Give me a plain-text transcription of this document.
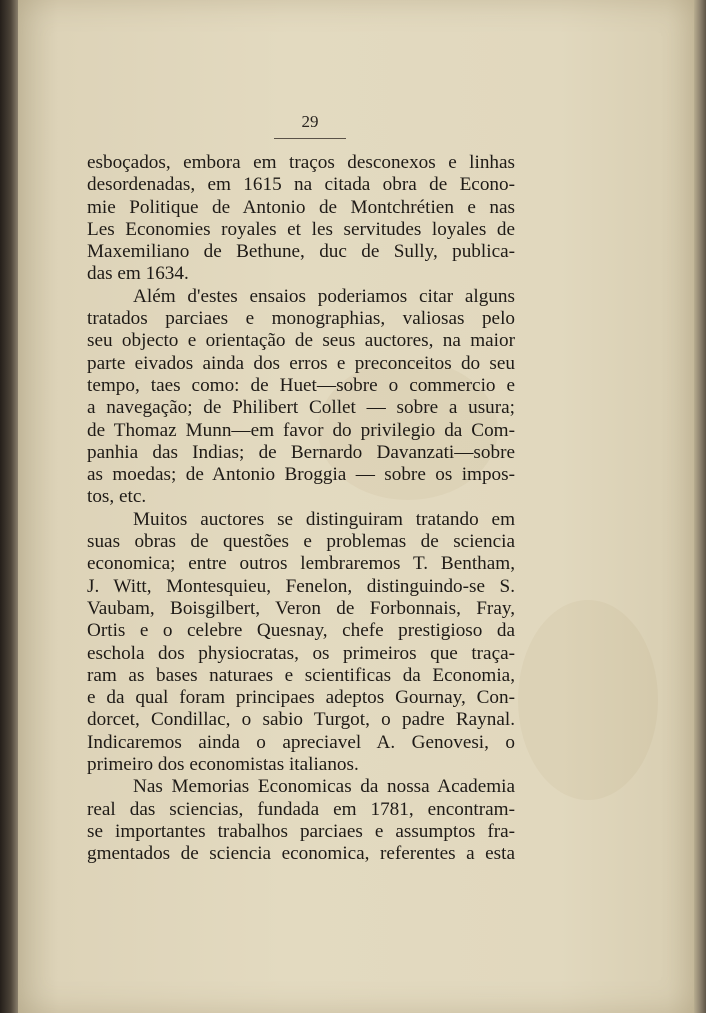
29
esboçados, embora em traços desconexos e linhas
desordenadas, em 1615 na citada obra de Econo-
mie Politique de Antonio de Montchrétien e nas
Les Economies royales et les servitudes loyales de
Maxemiliano de Bethune, duc de Sully, publica-
das em 1634.
Além d'estes ensaios poderiamos citar alguns
tratados parciaes e monographias, valiosas pelo
seu objecto e orientação de seus auctores, na maior
parte eivados ainda dos erros e preconceitos do seu
tempo, taes como: de Huet—sobre o commercio e
a navegação; de Philibert Collet — sobre a usura;
de Thomaz Munn—em favor do privilegio da Com-
panhia das Indias; de Bernardo Davanzati—sobre
as moedas; de Antonio Broggia — sobre os impos-
tos, etc.
Muitos auctores se distinguiram tratando em
suas obras de questões e problemas de sciencia
economica; entre outros lembraremos T. Bentham,
J. Witt, Montesquieu, Fenelon, distinguindo-se S.
Vaubam, Boisgilbert, Veron de Forbonnais, Fray,
Ortis e o celebre Quesnay, chefe prestigioso da
eschola dos physiocratas, os primeiros que traça-
ram as bases naturaes e scientificas da Economia,
e da qual foram principaes adeptos Gournay, Con-
dorcet, Condillac, o sabio Turgot, o padre Raynal.
Indicaremos ainda o apreciavel A. Genovesi, o
primeiro dos economistas italianos.
Nas Memorias Economicas da nossa Academia
real das sciencias, fundada em 1781, encontram-
se importantes trabalhos parciaes e assumptos fra-
gmentados de sciencia economica, referentes a esta
